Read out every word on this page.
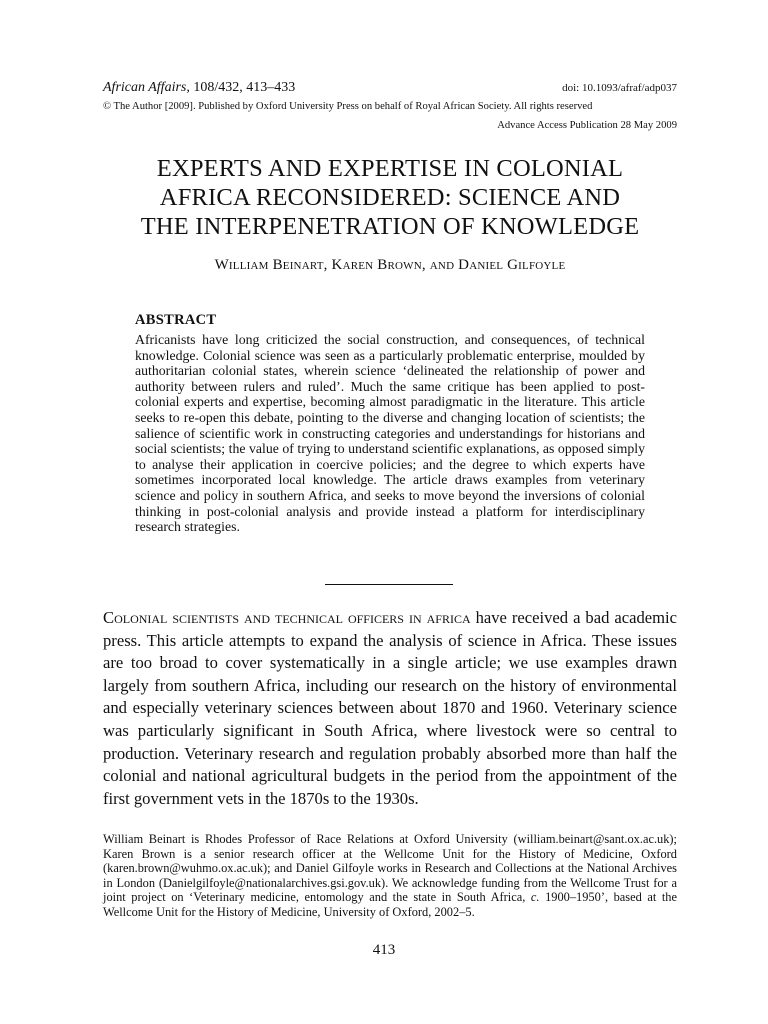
African Affairs, 108/432, 413–433	doi: 10.1093/afraf/adp037
© The Author [2009]. Published by Oxford University Press on behalf of Royal African Society. All rights reserved
Advance Access Publication 28 May 2009
EXPERTS AND EXPERTISE IN COLONIAL
AFRICA RECONSIDERED: SCIENCE AND
THE INTERPENETRATION OF KNOWLEDGE
William Beinart, Karen Brown, and Daniel Gilfoyle
ABSTRACT
Africanists have long criticized the social construction, and consequences, of technical knowledge. Colonial science was seen as a particularly problematic enterprise, moulded by authoritarian colonial states, wherein science ‘delineated the relationship of power and authority between rulers and ruled’. Much the same critique has been applied to post-colonial experts and expertise, becoming almost paradigmatic in the literature. This article seeks to re-open this debate, pointing to the diverse and changing location of scientists; the salience of scientific work in constructing categories and understandings for historians and social scientists; the value of trying to understand scientific explanations, as opposed simply to analyse their application in coercive policies; and the degree to which experts have sometimes incorporated local knowledge. The article draws examples from veterinary science and policy in southern Africa, and seeks to move beyond the inversions of colonial thinking in post-colonial analysis and provide instead a platform for interdisciplinary research strategies.
Colonial scientists and technical officers in africa have received a bad academic press. This article attempts to expand the analysis of science in Africa. These issues are too broad to cover systematically in a single article; we use examples drawn largely from southern Africa, including our research on the history of environmental and especially veterinary sciences between about 1870 and 1960. Veterinary science was particularly significant in South Africa, where livestock were so central to production. Veterinary research and regulation probably absorbed more than half the colonial and national agricultural budgets in the period from the appointment of the first government vets in the 1870s to the 1930s.
William Beinart is Rhodes Professor of Race Relations at Oxford University (william.beinart@sant.ox.ac.uk); Karen Brown is a senior research officer at the Wellcome Unit for the History of Medicine, Oxford (karen.brown@wuhmo.ox.ac.uk); and Daniel Gilfoyle works in Research and Collections at the National Archives in London (Danielgilfoyle@nationalarchives.gsi.gov.uk). We acknowledge funding from the Wellcome Trust for a joint project on ‘Veterinary medicine, entomology and the state in South Africa, c. 1900–1950’, based at the Wellcome Unit for the History of Medicine, University of Oxford, 2002–5.
413
